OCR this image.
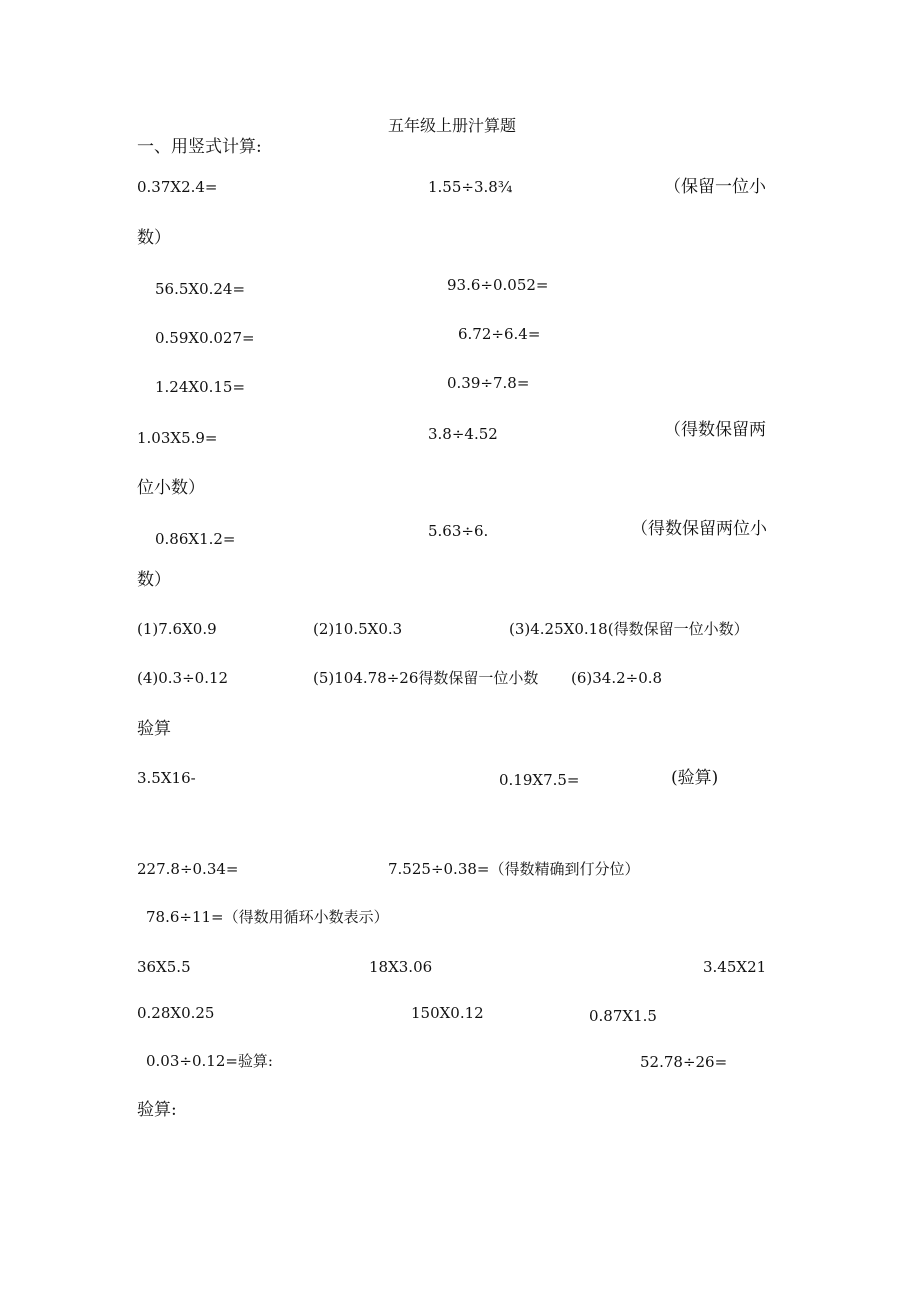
五年级上册汁算题
一、用竖式计算:
0.37X2.4=	1.55÷3.8¾	（保留一位小
数）
56.5X0.24=	93.6÷0.052=
0.59X0.027=	6.72÷6.4=
1.24X0.15=	0.39÷7.8=
1.03X5.9=	3.8÷4.52	（得数保留两
位小数）
0.86X1.2=	5.63÷6.	（得数保留两位小
数）
(1)7.6X0.9	(2)10.5X0.3	(3)4.25X0.18(得数保留一位小数）
(4)0.3÷0.12	(5)104.78÷26得数保留一位小数 (6)34.2÷0.8
验算
3.5X16-	0.19X7.5=	(验算)
227.8÷0.34=	7.525÷0.38=（得数精确到仃分位）
78.6÷11=（得数用循环小数表示）
36X5.5	18X3.06	3.45X21
0.28X0.25	150X0.12	0.87X1.5
0.03÷0.12=验算:	52.78÷26=
验算:
